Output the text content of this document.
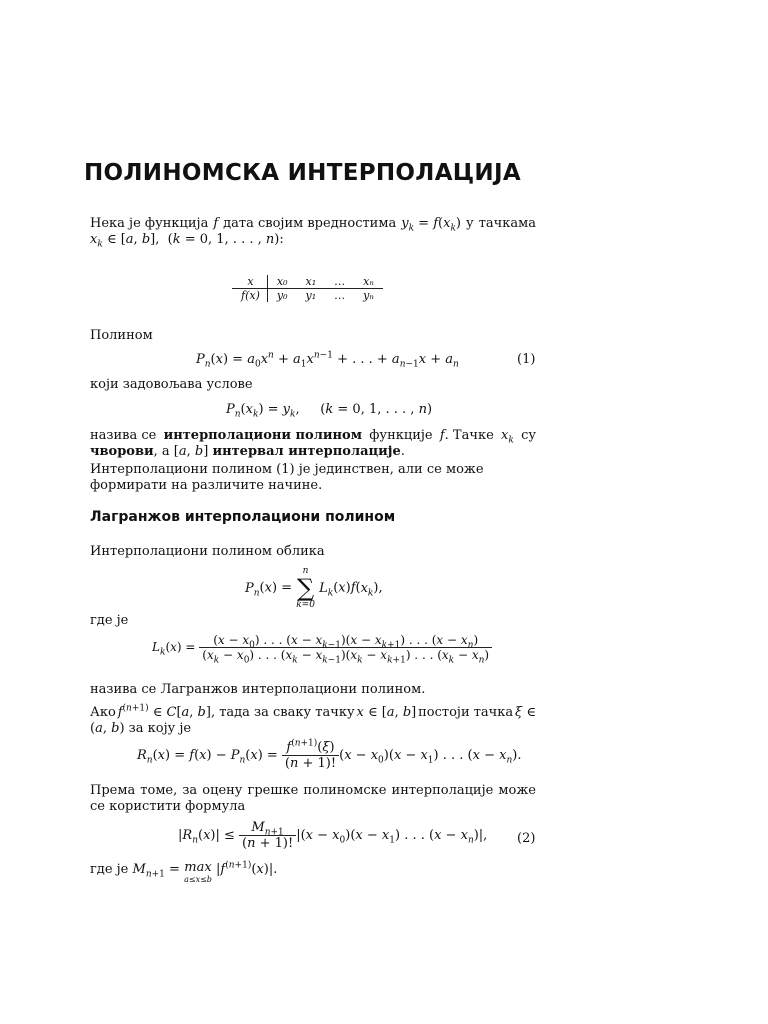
ПОЛИНОМСКА ИНТЕРПОЛАЦИЈА
Нека је функција f дата својим вредностима $y_k = f(x_k)$ у тачкама
$x_k$ ∈ [a, b],  (k = 0, 1, . . . , n):
x	x₀	x₁	…	xₙ
f(x)	y₀	y₁	…	yₙ
Полином
$P_n(x) = a_0x^n + a_1x^{n-1}$ + . . . + $a_{n-1}x + a_n$	(1)
који задовољава услове
$P_n(x_k) = y_k$,     (k = 0, 1, . . . , n)
назива се интерполациони полином функције f. Тачке $x_k$ су
чворови, а [a, b] интервал интерполације.
Интерполациони полином (1) је јединствен, али се може формирати на различите начине.
Лагранжов интерполациони полином
Интерполациони полином облика
$P_n(x)$ =
n
∑
k=0
$L_k(x)f(x_k)$,
где је
$L_k(x) = \frac{(x - x_0) . . . (x - x_{k-1})(x - x_{k+1}) . . . (x - x_n)}{(x_k - x_0) . . . (x_k - x_{k-1})(x_k - x_{k+1}) . . . (x_k - x_n)}$
назива се Лагранжов интерполациони полином.
Ако $f^{(n+1)}$ ∈ C[a, b], тада за сваку тачку x ∈ [a, b] постоји тачка ξ ∈
(a, b) за коју је
$R_n(x) = f(x) - P_n(x) = \frac{f^{(n+1)}(\xi)}{(n + 1)!} (x - x_0)(x - x_1)$ . . . $(x - x_n)$.
Према томе, за оцену грешке полиномске интерполације може се користити формула
$|R_n(x)| \le \frac{M_{n+1}}{(n + 1)!} |(x - x_0)(x - x_1)$ . . . $(x - x_n)|$, (2)
где је $M_{n+1} = \max$
a≤x≤b $|f^{(n+1)}(x)|$.
